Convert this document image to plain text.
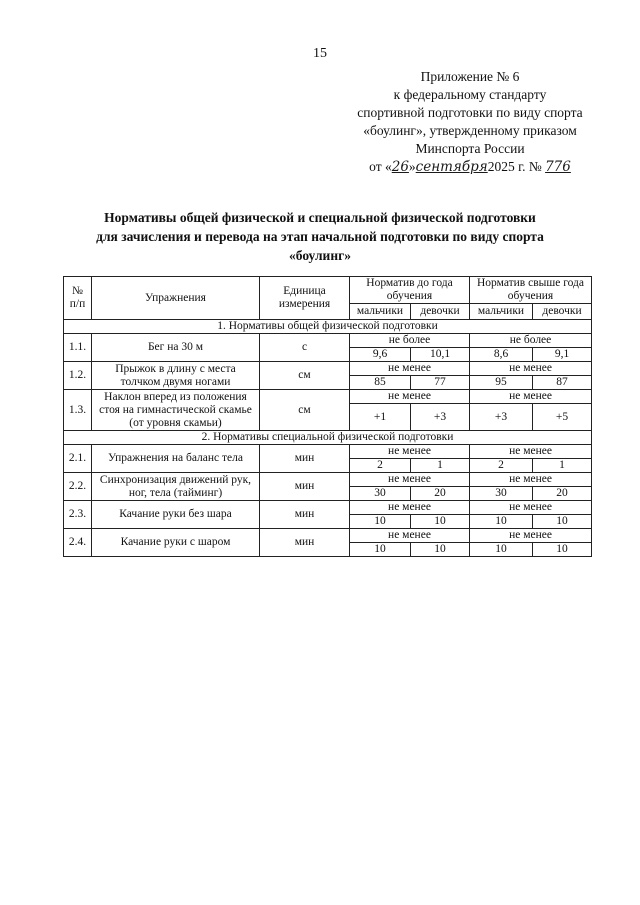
15
Приложение № 6
к федеральному стандарту
спортивной подготовки по виду спорта
«боулинг», утвержденному приказом
Минспорта России
от «26»сентября2025 г. № 776
Нормативы общей физической и специальной физической подготовки
для зачисления и перевода на этап начальной подготовки по виду спорта
«боулинг»
№ п/п	Упражнения	Единица измерения	Норматив до года обучения		Норматив свыше года обучения	
			мальчики	девочки	мальчики	девочки
1. Нормативы общей физической подготовки						
1.1.	Бег на 30 м	с	не более		не более	
			9,6	10,1	8,6	9,1
1.2.	Прыжок в длину с места толчком двумя ногами	см	не менее		не менее	
			85	77	95	87
1.3.	Наклон вперед из положения стоя на гимнастической скамье (от уровня скамьи)	см	не менее		не менее	
			+1	+3	+3	+5
2. Нормативы специальной физической подготовки						
2.1.	Упражнения на баланс тела	мин	не менее		не менее	
			2	1	2	1
2.2.	Синхронизация движений рук, ног, тела (тайминг)	мин	не менее		не менее	
			30	20	30	20
2.3.	Качание руки без шара	мин	не менее		не менее	
			10	10	10	10
2.4.	Качание руки с шаром	мин	не менее		не менее	
			10	10	10	10
